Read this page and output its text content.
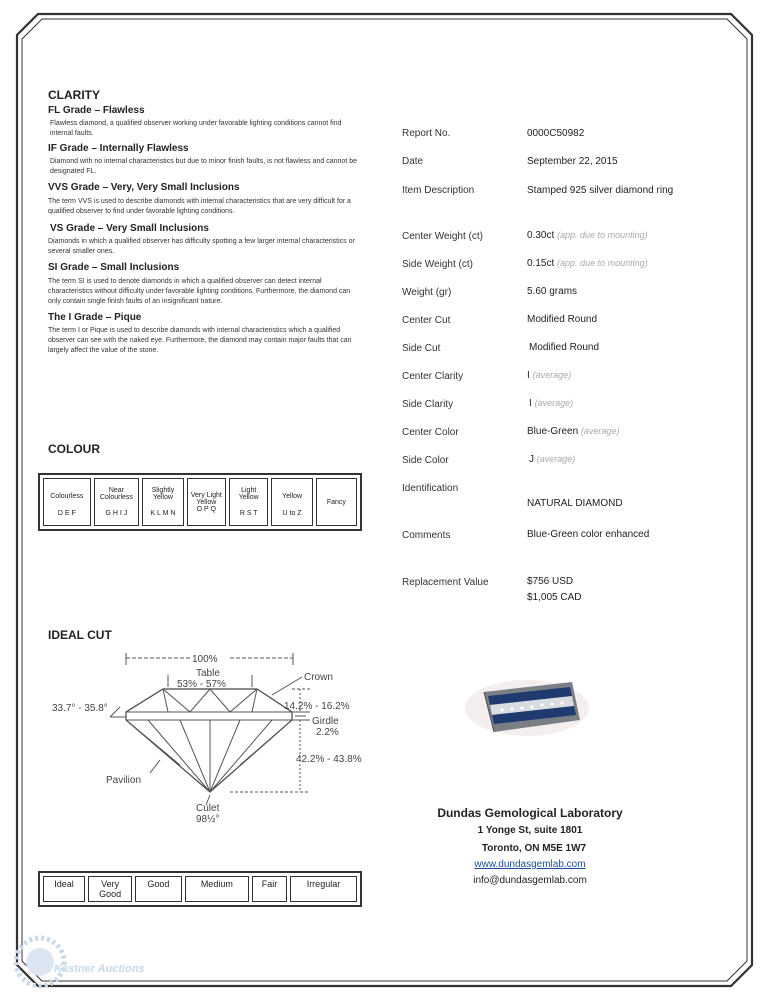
CLARITY
FL Grade – Flawless
Flawless diamond, a qualified observer working under favorable lighting conditions cannot find internal faults.
IF Grade – Internally Flawless
Diamond with no internal characteristics but due to minor finish faults, is not flawless and cannot be designated FL.
VVS Grade – Very, Very Small Inclusions
The term VVS is used to describe diamonds with internal characteristics that are very difficult for a qualified observer to find under favorable lighting conditions.
VS Grade – Very Small Inclusions
Diamonds in which a qualified observer has difficulty spotting a few larger internal characteristics or several smaller ones.
SI Grade – Small Inclusions
The term SI is used to denote diamonds in which a qualified observer can detect internal characteristics without difficulty under favorable lighting conditions. Furthermore, the diamond can only contain single finish faults of an insignificant nature.
The I Grade – Pique
The term I or Pique is used to describe diamonds with internal characteristics which a qualified observer can see with the naked eye. Furthermore, the diamond may contain major faults that can largely affect the value of the stone.
COLOUR
Colourless
D E F

Near Colourless
G H I J

Slightly Yellow
K L M N

Very Light Yellow
O P Q

Light Yellow
R S T

Yellow
U to Z

Fancy
IDEAL CUT
100%
Table
53% - 57%
Crown
33.7° - 35.8°	14.2% - 16.2%
Girdle
2.2%
42.2% - 43.8%
Pavilion
Culet
98½°
Ideal	Very Good	Good	Medium	Fair	Irregular
Report No.	0000C50982
Date	September 22, 2015
Item Description	Stamped 925 silver diamond ring
Center Weight (ct)	0.30ct (app. due to mounting)
Side Weight (ct)	0.15ct (app. due to mounting)
Weight (gr)	5.60 grams
Center Cut	Modified Round
Side Cut	Modified Round
Center Clarity	I (average)
Side Clarity	I (average)
Center Color	Blue-Green (average)
Side Color	J (average)
Identification
NATURAL DIAMOND
Comments	Blue-Green color enhanced
Replacement Value	$756 USD
$1,005 CAD
Dundas Gemological Laboratory
1 Yonge St, suite 1801
Toronto, ON M5E 1W7
www.dundasgemlab.com
info@dundasgemlab.com
Kastner Auctions
